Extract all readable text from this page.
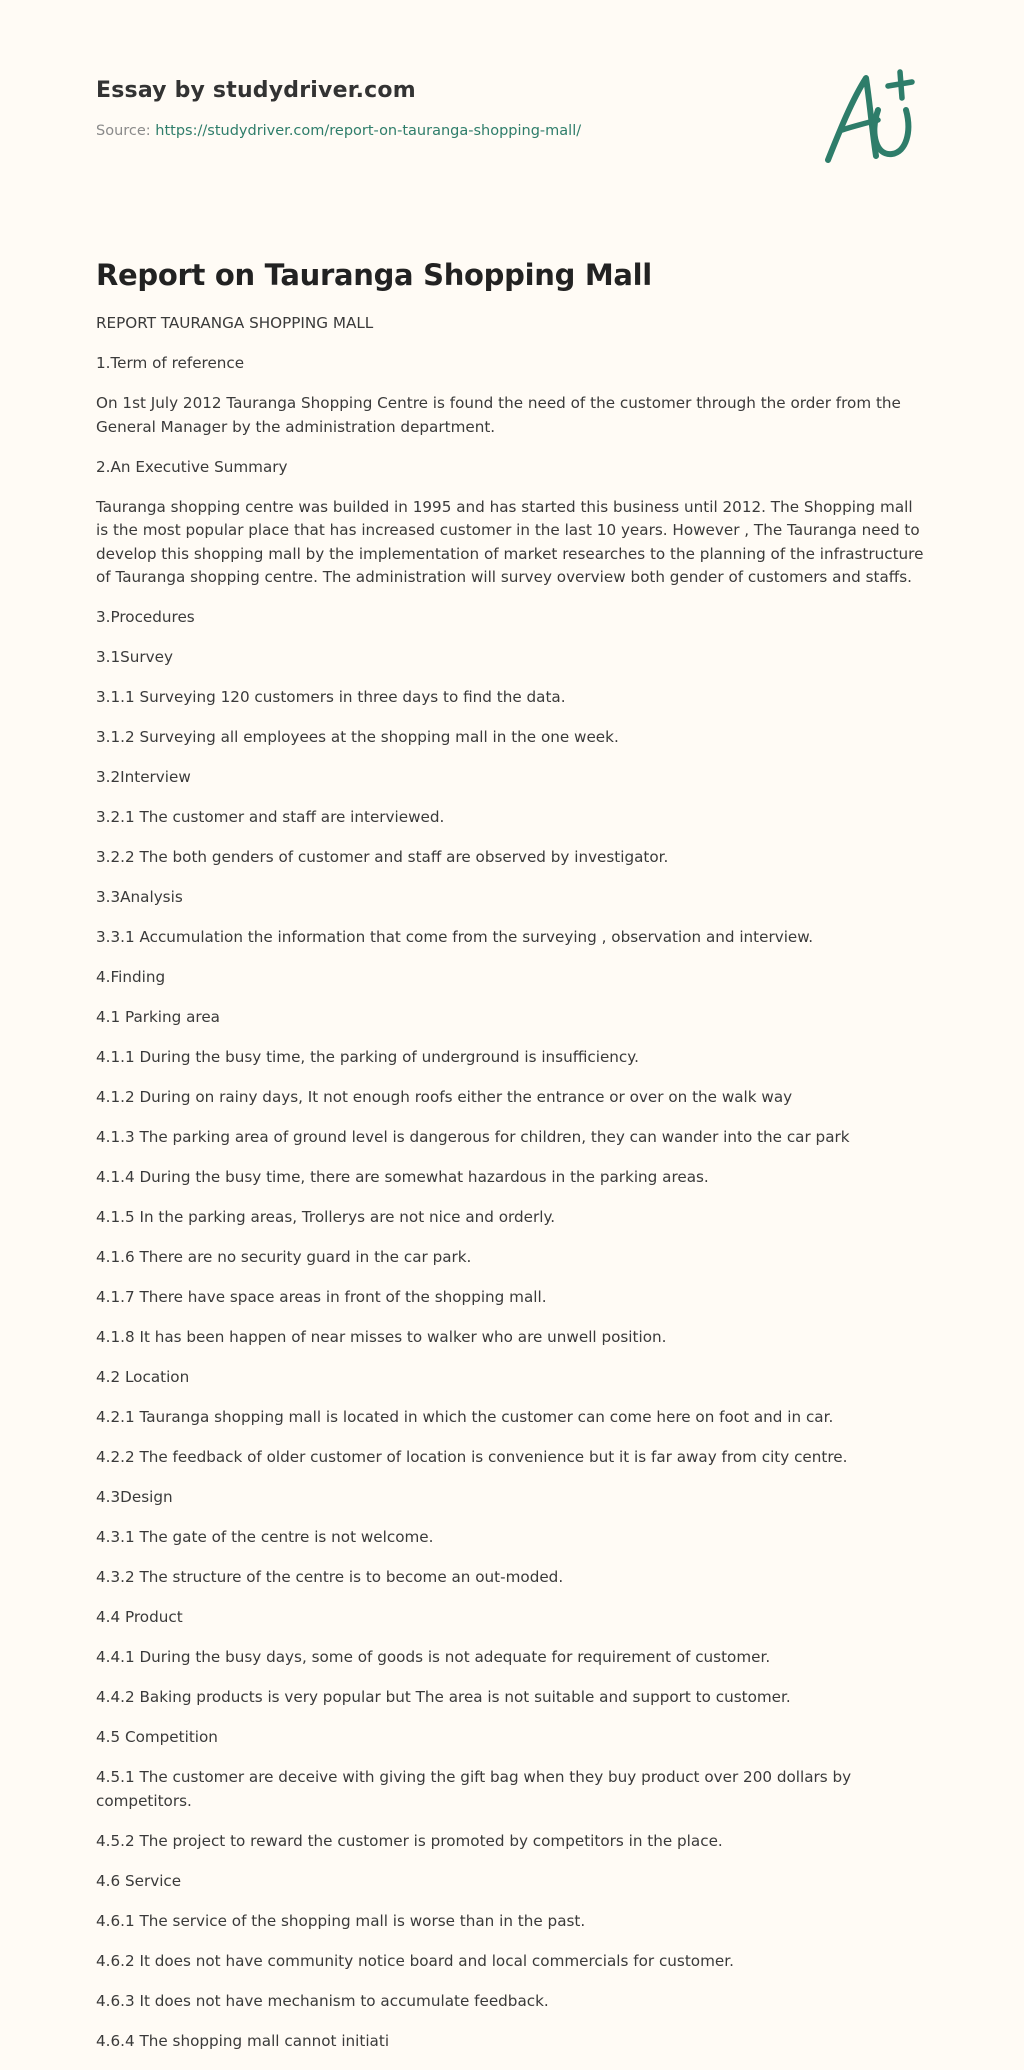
Essay by studydriver.com
Source: https://studydriver.com/report-on-tauranga-shopping-mall/
Report on Tauranga Shopping Mall

REPORT TAURANGA SHOPPING MALL

1.Term of reference

On 1st July 2012 Tauranga Shopping Centre is found the need of the customer through the order from the General Manager by the administration department.

2.An Executive Summary

Tauranga shopping centre was builded in 1995 and has started this business until 2012. The Shopping mall is the most popular place that has increased customer in the last 10 years. However , The Tauranga need to develop this shopping mall by the implementation of market researches to the planning of the infrastructure of Tauranga shopping centre. The administration will survey overview both gender of customers and staffs.

3.Procedures

3.1Survey

3.1.1 Surveying 120 customers in three days to find the data.

3.1.2 Surveying all employees at the shopping mall in the one week.

3.2Interview

3.2.1 The customer and staff are interviewed.

3.2.2 The both genders of customer and staff are observed by investigator.

3.3Analysis

3.3.1 Accumulation the information that come from the surveying , observation and interview.

4.Finding

4.1 Parking area

4.1.1 During the busy time, the parking of underground is insufficiency.

4.1.2 During on rainy days, It not enough roofs either the entrance or over on the walk way

4.1.3 The parking area of ground level is dangerous for children, they can wander into the car park

4.1.4 During the busy time, there are somewhat hazardous in the parking areas.

4.1.5 In the parking areas, Trollerys are not nice and orderly.

4.1.6 There are no security guard in the car park.

4.1.7 There have space areas in front of the shopping mall.

4.1.8 It has been happen of near misses to walker who are unwell position.

4.2 Location

4.2.1 Tauranga shopping mall is located in which the customer can come here on foot and in car.

4.2.2 The feedback of older customer of location is convenience but it is far away from city centre.

4.3Design

4.3.1 The gate of the centre is not welcome.

4.3.2 The structure of the centre is to become an out-moded.

4.4 Product

4.4.1 During the busy days, some of goods is not adequate for requirement of customer.

4.4.2 Baking products is very popular but The area is not suitable and support to customer.

4.5 Competition

4.5.1 The customer are deceive with giving the gift bag when they buy product over 200 dollars by competitors.

4.5.2 The project to reward the customer is promoted by competitors in the place.

4.6 Service

4.6.1 The service of the shopping mall is worse than in the past.

4.6.2 It does not have community notice board and local commercials for customer.

4.6.3 It does not have mechanism to accumulate feedback.

4.6.4 The shopping mall cannot initiati
